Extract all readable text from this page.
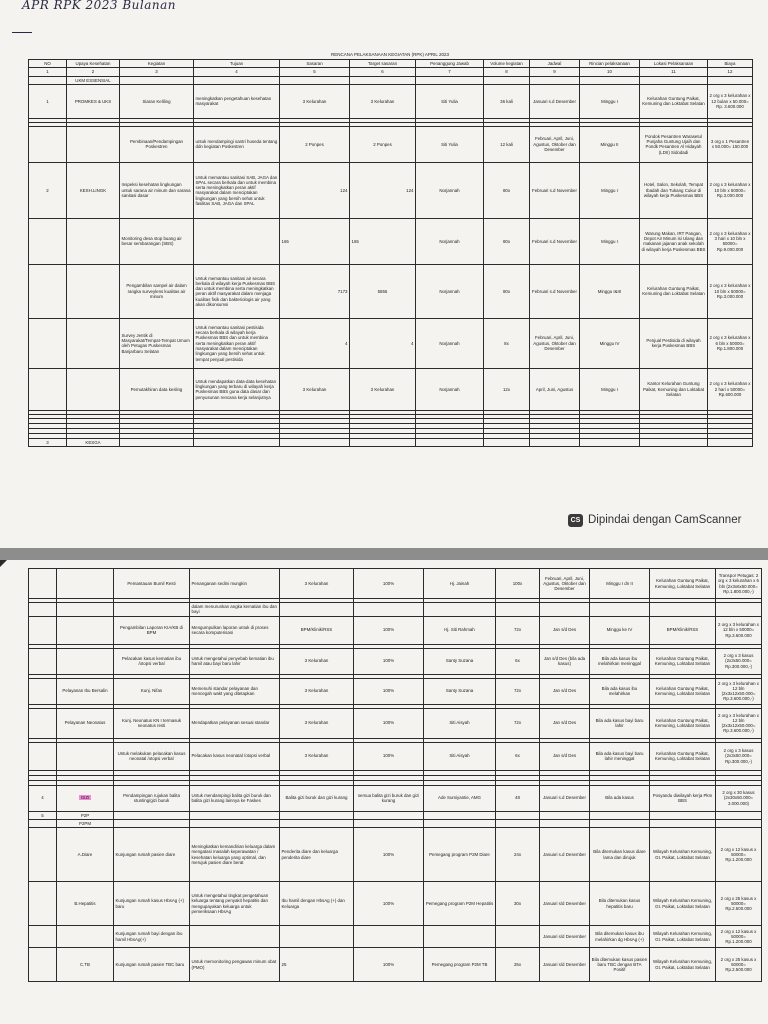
APR RPK 2023 Bulanan
RENCANA PELAKSANAAN KEGIATAN (RPK) APRIL 2023
NO	Upaya Kesehatan	Kegiatan	Tujuan	Sasaran	Target sasaran	Penanggung Jawab	Volume kegiatan	Jadwal	Rincian pelaksanaan	Lokasi Pelaksanaan	Biaya
1	2	3	4	5	6	7	8	9	10	11	12
	UKM ESSENSIAL										
1	PROMKES & UKS	Siaran Keliling	meningkatkan pengetahuan kesehatan masyarakat	3 Kelurahan	3 Kelurahan	Siti Yulia	36 kali	Januari s.d Desember	Minggu I	Kelurahan Guntung Paikat, Kemuning dan Loktabat Selatan	2 org x 3 kelurahan x 12 bulan x 50.000= Rp. 3.600.000

		Pembinaan/Pendampingan Poskestren	untuk mendampingi santri huseda tentang ddn kegiatan Poskestren	2 Ponpes	2 Ponpes	Siti Yulia	12 kali	Februari, April, Juni, Agustus, Oktober dan Desember	Minggu II	Pondok Pesantren Warasetul Punjaha Guntung Ujaih dan Pondk Pesantren Al Hidayah (LDII) Sidodadi	3 org x 1 Pesantren x 50.000= 150.000
2	KESH.LINGK	Inspeksi kesehatan lingkungan untuk sarana air minum dan sarana sanitasi dasar	Untuk memantau sanitasi SAB, JAGA dan SPAL secara berkala dan untuk membina serta meningkatkan peran aktif masyarakat dalam menciptakan lingkungan yang bersih sehat untuk fasilitas SAB, JAGA dan SPAL	124	124	Norjannah	80x	Februari s.d November	Minggu I	Hotel, Salon, Sekolah, Tempat Ibadah dan Tukang Cukur di wilayah kerja Puskesmas BBS	2 org x 3 kelurahan x 10 bln x 50000= Rp.3.000.000
		Monitoring desa stop buang air besar sembarangan (SBS)		165	165	Norjannah	80x	Februari s.d November	Minggu I	Warung Makan, IRT Pangan, Depot Air Minum isi Ulang dan makanan jajanan anak sekolah di wilayah kerja Puskesmas BBS	2 org x 3 kelurahan x 3 hari x 10 bln x 50000= Rp.9.000.000
		Pengambilan sampel air dalam rangka surveylens kualitas air minum	Untuk memantau sanitasi air secara berkala di wilayah kerja Puskesmas BBS dan untuk membina serta meningkatkan peran aktif masyarakat dalam menjaga kualitas fisik dan bakteriologis air yang akan dikonsumsi	7173	5855	Norjannah	80x	Februari s.d November	Minggu I&III	Kelurahan Guntung Paikat, Kemuning dan Loktabat Selatan	2 org x 3 kelurahan x 10 bln x 50000= Rp.3.000.000
		Survey Jentik di Masyarakat/Tempat-Tempat Umum oleh Petugas Puskesmas Banjarbaru Selatan	Untuk memantau sanitasi pestisida secara berkala di wilayah kerja Puskesmas BBS dan untuk membina serta meningkatkan peran aktif masyarakat dalam menciptakan lingkungan yang bersih sehat untuk tempat penjual pestisida	4	4	Norjannah	8x	Februari, April, Juni, Agustus, Oktober dan Desember	Minggu IV	Penjual Pestisida di wilayah kerja Puskesmas BBS	2 org x 3 kelurahan x 6 bln x 50000= Rp.1.800.000
		Pemutakhiran data kesling	Untuk mendapatkan data-data kesehatan lingkungan yang terbaru di wilayah kerja Puskesmas BBS guna data dasar dan penyusunan rencana kerja selanjutnya	3 Kelurahan	3 Kelurahan	Norjannah	12x	April, Juni, Agustus	Minggu I	Kantor Kelurahan Guntung Paikat, Kemuning dan Loktabat Selatan	2 org x 3 kelurahan x 2 hari x 50000= Rp.600.000

3	KESGA										
CS Dipindai dengan CamScanner
		Pemantauan Bumil Resti	Penanganan sedini mungkin	3 Kelurahan	100%	Hj. Jainah	100x	Februari, April, Juni, Agustus, Oktober dan Desember	Minggu I dn II	Kelurahan Guntung Paikat, Kemuning, Loktabat Selatan	Transpor Petugas: 2 org x 3 kelurahan x 6 bln (2x3x6x50.000= Rp.1.800.000,-)

			dalam menurunkan angka kematian ibu dan bayi								
		Pengambilan Laporan KIA/KB di BPM	Mengumpulkan laporan untuk di proses secara komputerisasi	BPM/Klinik/RSS	100%	Hj. Siti Rahmah	72x	Jan s/d Des	Minggu ke IV	BPM/Klinik/RSS	2 org x 3 kelurahan x 12 bln x 50000= Rp.3.600.000

		Pelacakan kasus kematian ibu /otopsi verbal	Untuk mengetahui penyebab kematian ibu hamil atau bayi baru lahir	3 Kelurahan	100%	Santy Suzana	6x	Jan s/d Des (bila ada kasus)	Bila ada kasus ibu melahirkan meninggal	Kelurahan Guntung Paikat, Kemuning, Loktabat Selatan	2 org x 3 kasus (2x3x50.000= Rp.300.000,-)

	Pelayanan Ibu Bersalin	Kunj. Nifas	Memenuhi standar pelayanan dan mencegah wakt yang ditetapkan	3 Kelurahan	100%	Santy Suzana	72x	Jan s/d Des	Bila ada kasus ibu melahirkan	Kelurahan Guntung Paikat, Kemuning, Loktabat Selatan	2 org x 3 kelurahan x 12 bln (2x3x12x50.000= Rp.3.600.000,-)

	Pelayanan Neonatus	Kunj. Neonatus KN I termasuk neonatus resti	Mendapatkan pelayanan sesuai standar	3 Kelurahan	100%	Siti Aisyah	72x	Jan s/d Des	Bila ada kasus bayi baru lahir	Kelurahan Guntung Paikat, Kemuning, Loktabat Selatan	2 org x 3 kelurahan x 12 bln (2x3x12x50.000= Rp.3.600.000,-)

		Untuk melakukan pelacakan kasus neonatal /otopsi verbal	Pelacakan kasus neonatal /otopsi verbal	3 Kelurahan	100%	Siti Aisyah	6x	Jan s/d Des	Bila ada kasus bayi baru lahir meninggal	Kelurahan Guntung Paikat, Kemuning, Loktabat Selatan	2 org x 3 kasus (2x3x50.000= Rp.300.000,-)

4	GIZI	Pendampingan rujukan balita stunting/gizi buruk	Untuk mendampingi balita gizi buruk dan balita gizi kurang lainnya ke Faskes	Balita gizi buruk dan gizi kurang	semua balita gizi buruk dan gizi kurang	Ade Sumiyantie, AMG	48	Januari s.d Desember	Bila ada kasus	Posyandu diwilayah kerja Pkm BBS	2 org x 30 kasus (2x30x50.000= 3.000.000)
5	P2P										
	P2PM										
	A.Diare	Kunjungan rumah pasien diare	Meningkatkan kemandirian keluarga dalam mengatasi masalah keperawatan / kesehatan keluarga yang optimal, dan merujuk pasien diare berat	Penderita diare dan keluarga penderita diare	100%	Pemegang program P2M Diare	24x	Januari s.d Desember	Bila ditemukan kasus diare lama dan dirujuk	Wilayah Kelurahan Kemuning, Gt. Paikat, Loktabat Selatan	2 org x 12 kasus x 50000= Rp.1.200.000
	B.Hepatitis	Kunjungan rumah kasus HbsAg (+) baru	Untuk mengetahui tingkat pengetahuan keluarga tentang penyakit hepatitis dan mengupayakan keluarga untuk pemeriksaan HbsAg	Ibu hamil dengan HbsAg (+) dan Keluarga	100%	Pemegang program P2M Hepatitis	30x	Januari s/d Desember	Bila ditemukan kasus hepatitis baru	Wilayah Kelurahan Kemuning, Gt. Paikat, Loktabat Selatan	2 org x 25 kasus x 50000= Rp.2.500.000
		Kunjungan rumah bayi dengan ibu hamil HbsAg(+)						Januari s/d Desember	Bila ditemukan kasus ibu melahirkan dg HbsAg (+)	Wilayah Kelurahan Kemuning, Gt. Paikat, Loktabat Selatan	2 org x 12 kasus x 50000= Rp.1.200.000
	C.TB	Kunjungan rumah pasien TBC baru	Untuk memonitoring pengawas minum obat (PMO)	25	100%	Pemegang program P2M TB	25x	Januari s/d Desember	Bila ditemukan kasus pasien baru TBC dengan BTA Positif	Wilayah Kelurahan Kemuning, Gt. Paikat, Loktabat Selatan	2 org x 25 kasus x 50000= Rp.2.500.000
